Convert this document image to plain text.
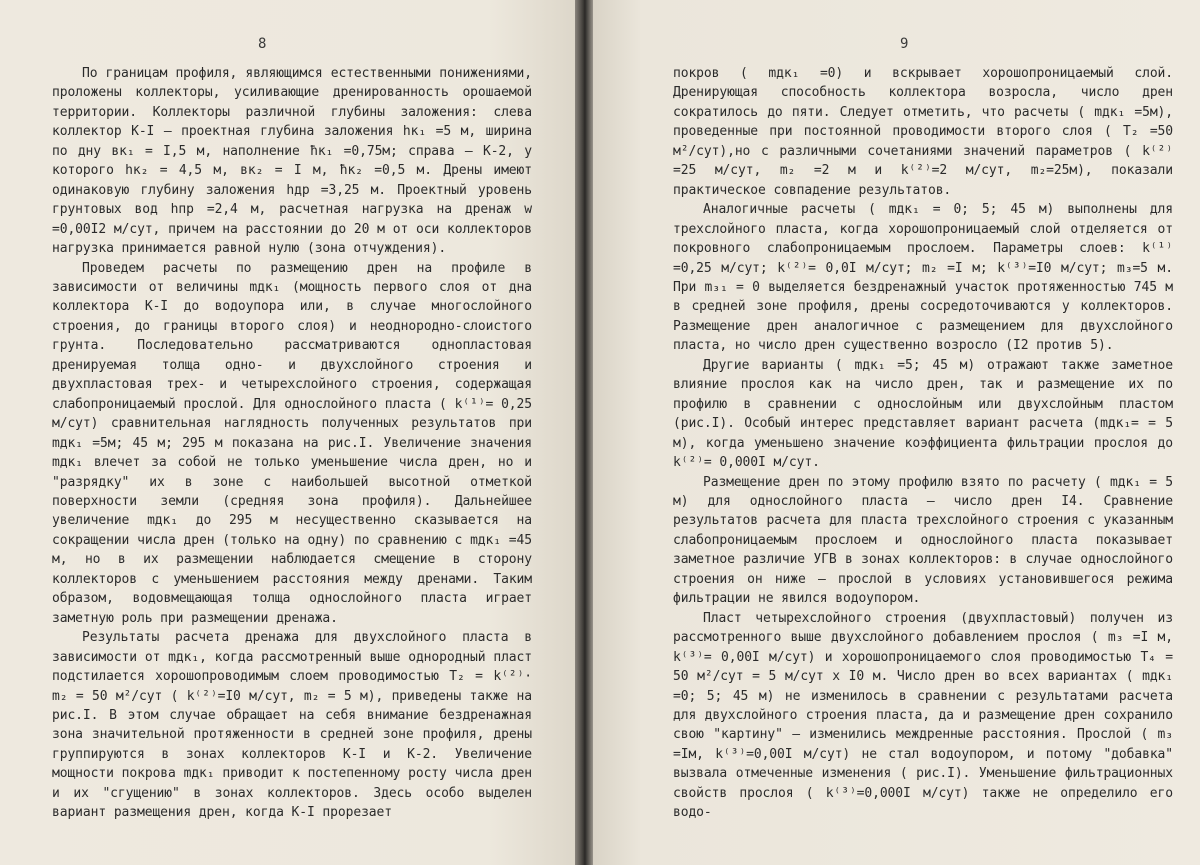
8

По границам профиля, являющимся естественными понижениями, проложены коллекторы, усиливающие дренированность орошаемой территории. Коллекторы различной глубины заложения: слева коллектор К-I – проектная глубина заложения hк₁ =5 м, ширина по дну вк₁ = I,5 м, наполнение ħк₁ =0,75м; справа – К-2, у которого hк₂ = 4,5 м, вк₂ = I м, ħк₂ =0,5 м. Дрены имеют одинаковую глубину заложения hдр =3,25 м. Проектный уровень грунтовых вод hпр =2,4 м, расчетная нагрузка на дренаж w =0,00I2 м/сут, причем на расстоянии до 20 м от оси коллекторов нагрузка принимается равной нулю (зона отчуждения).

Проведем расчеты по размещению дрен на профиле в зависимости от величины mдк₁ (мощность первого слоя от дна коллектора К-I до водоупора или, в случае многослойного строения, до границы второго слоя) и неоднородно-слоистого грунта. Последовательно рассматриваются однопластовая дренируемая толща одно- и двухслойного строения и двухпластовая трех- и четырехслойного строения, содержащая слабопроницаемый прослой. Для однослойного пласта ( k⁽¹⁾= 0,25 м/сут) сравнительная наглядность полученных результатов при mдк₁ =5м; 45 м; 295 м показана на рис.I. Увеличение значения mдк₁ влечет за собой не только уменьшение числа дрен, но и "разрядку" их в зоне с наибольшей высотной отметкой поверхности земли (средняя зона профиля). Дальнейшее увеличение mдк₁ до 295 м несущественно сказывается на сокращении числа дрен (только на одну) по сравнению с mдк₁ =45 м, но в их размещении наблюдается смещение в сторону коллекторов с уменьшением расстояния между дренами. Таким образом, водовмещающая толща однослойного пласта играет заметную роль при размещении дренажа.

Результаты расчета дренажа для двухслойного пласта в зависимости от mдк₁, когда рассмотренный выше однородный пласт подстилается хорошопроводимым слоем проводимостью T₂ = k⁽²⁾· m₂ = 50 м²/сут ( k⁽²⁾=I0 м/сут, m₂ = 5 м), приведены также на рис.I. В этом случае обращает на себя внимание бездренажная зона значительной протяженности в средней зоне профиля, дрены группируются в зонах коллекторов К-I и К-2. Увеличение мощности покрова mдк₁ приводит к постепенному росту числа дрен и их "сгущению" в зонах коллекторов. Здесь особо выделен вариант размещения дрен, когда К-I прорезает

9

покров ( mдк₁ =0) и вскрывает хорошопроницаемый слой. Дренирующая способность коллектора возросла, число дрен сократилось до пяти. Следует отметить, что расчеты ( mдк₁ =5м), проведенные при постоянной проводимости второго слоя ( T₂ =50 м²/сут),но с различными сочетаниями значений параметров ( k⁽²⁾=25 м/сут, m₂ =2 м и k⁽²⁾=2 м/сут, m₂=25м), показали практическое совпадение результатов.

Аналогичные расчеты ( mдк₁ = 0; 5; 45 м) выполнены для трехслойного пласта, когда хорошопроницаемый слой отделяется от покровного слабопроницаемым прослоем. Параметры слоев: k⁽¹⁾ =0,25 м/сут; k⁽²⁾= 0,0I м/сут; m₂ =I м; k⁽³⁾=I0 м/сут; m₃=5 м. При m₃₁ = 0 выделяется бездренажный участок протяженностью 745 м в средней зоне профиля, дрены сосредоточиваются у коллекторов. Размещение дрен аналогичное с размещением для двухслойного пласта, но число дрен существенно возросло (I2 против 5).

Другие варианты ( mдк₁ =5; 45 м) отражают также заметное влияние прослоя как на число дрен, так и размещение их по профилю в сравнении с однослойным или двухслойным пластом (рис.I). Особый интерес представляет вариант расчета (mдк₁= = 5 м), когда уменьшено значение коэффициента фильтрации прослоя до k⁽²⁾= 0,000I м/сут.

Размещение дрен по этому профилю взято по расчету ( mдк₁ = 5 м) для однослойного пласта – число дрен I4. Сравнение результатов расчета для пласта трехслойного строения с указанным слабопроницаемым прослоем и однослойного пласта показывает заметное различие УГВ в зонах коллекторов: в случае однослойного строения он ниже – прослой в условиях установившегося режима фильтрации не явился водоупором.

Пласт четырехслойного строения (двухпластовый) получен из рассмотренного выше двухслойного добавлением прослоя ( m₃ =I м, k⁽³⁾= 0,00I м/сут) и хорошопроницаемого слоя проводимостью T₄ = 50 м²/сут = 5 м/сут х I0 м. Число дрен во всех вариантах ( mдк₁ =0; 5; 45 м) не изменилось в сравнении с результатами расчета для двухслойного строения пласта, да и размещение дрен сохранило свою "картину" – изменились междренные расстояния. Прослой ( m₃ =Iм, k⁽³⁾=0,00I м/сут) не стал водоупором, и потому "добавка" вызвала отмеченные изменения ( рис.I). Уменьшение фильтрационных свойств прослоя ( k⁽³⁾=0,000I м/сут) также не определило его водо-
